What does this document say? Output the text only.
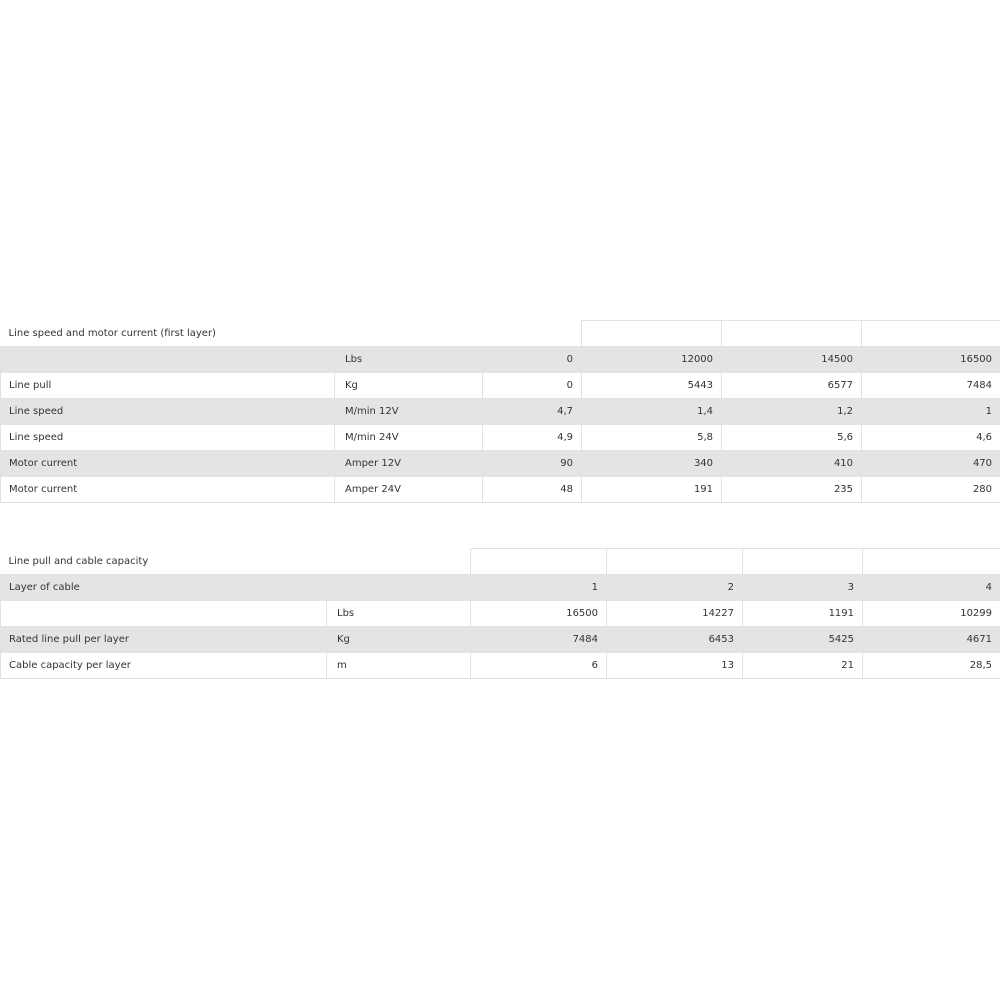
Line speed and motor current (first layer)					
	Lbs	0	12000	14500	16500
Line pull	Kg	0	5443	6577	7484
Line speed	M/min 12V	4,7	1,4	1,2	1
Line speed	M/min 24V	4,9	5,8	5,6	4,6
Motor current	Amper 12V	90	340	410	470
Motor current	Amper 24V	48	191	235	280
Line pull and cable capacity					
Layer of cable		1	2	3	4
	Lbs	16500	14227	1191	10299
Rated line pull per layer	Kg	7484	6453	5425	4671
Cable capacity per layer	m	6	13	21	28,5
